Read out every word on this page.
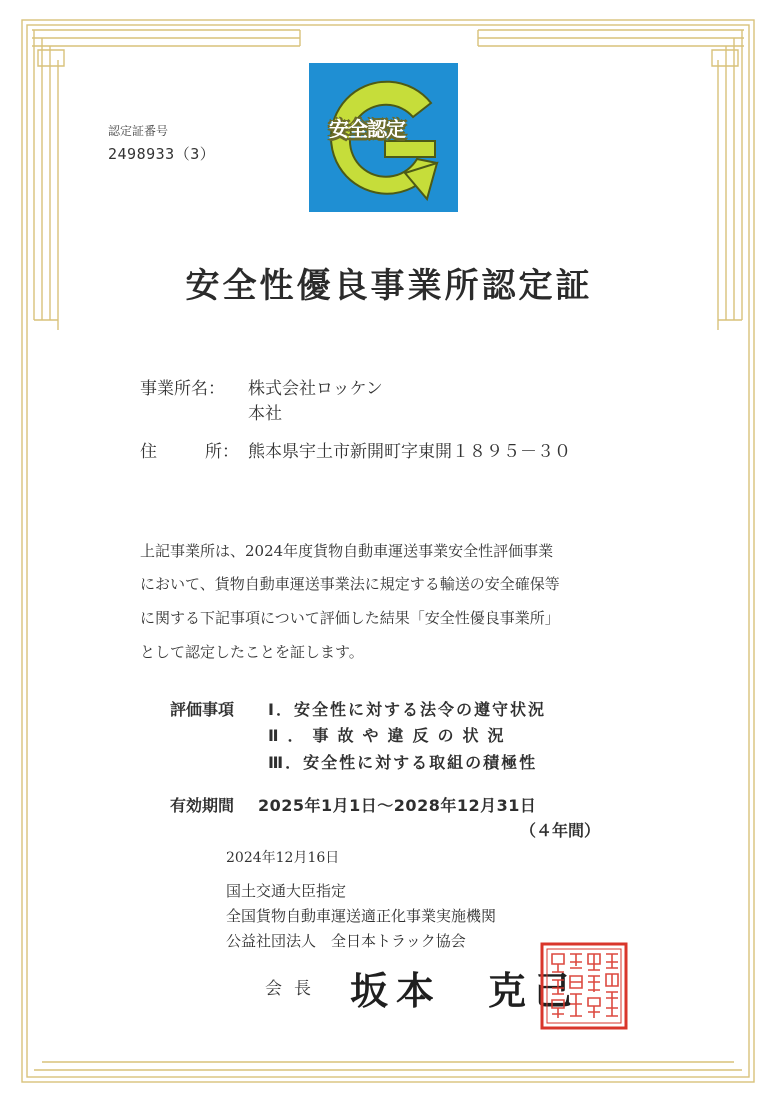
認定証番号
2498933（3）
安全認定
安全性優良事業所認定証
事業所名： 株式会社ロッケン
本社
住	所： 熊本県宇土市新開町字東開１８９５－３０
上記事業所は、2024年度貨物自動車運送事業安全性評価事業
において、貨物自動車運送事業法に規定する輸送の安全確保等
に関する下記事項について評価した結果「安全性優良事業所」
として認定したことを証します。
評価事項 Ⅰ．安全性に対する法令の遵守状況
Ⅱ．事故や違反の状況
Ⅲ．安全性に対する取組の積極性
有効期間 2025年1月1日～2028年12月31日
（４年間）
2024年12月16日
国土交通大臣指定
全国貨物自動車運送適正化事業実施機関
公益社団法人　全日本トラック協会
会長 坂本　克己
